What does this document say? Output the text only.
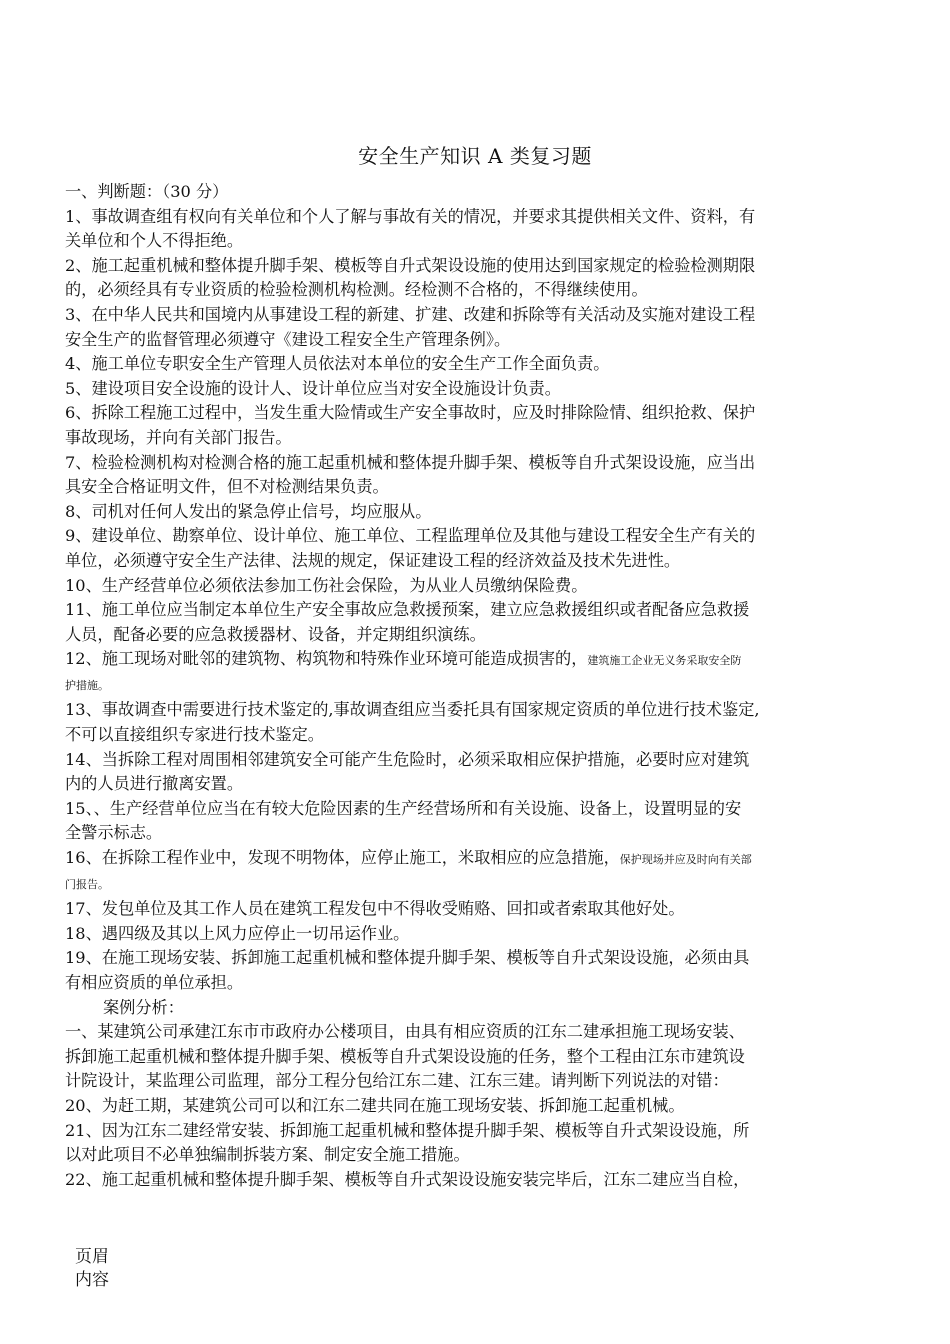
安全生产知识 A 类复习题
一、判断题：（30 分）
1、事故调查组有权向有关单位和个人了解与事故有关的情况，并要求其提供相关文件、资料，有
关单位和个人不得拒绝。
2、施工起重机械和整体提升脚手架、模板等自升式架设设施的使用达到国家规定的检验检测期限
的，必须经具有专业资质的检验检测机构检测。经检测不合格的，不得继续使用。
3、在中华人民共和国境内从事建设工程的新建、扩建、改建和拆除等有关活动及实施对建设工程
安全生产的监督管理必须遵守《建设工程安全生产管理条例》。
4、施工单位专职安全生产管理人员依法对本单位的安全生产工作全面负责。
5、建设项目安全设施的设计人、设计单位应当对安全设施设计负责。
6、拆除工程施工过程中，当发生重大险情或生产安全事故时，应及时排除险情、组织抢救、保护
事故现场，并向有关部门报告。
7、检验检测机构对检测合格的施工起重机械和整体提升脚手架、模板等自升式架设设施，应当出
具安全合格证明文件，但不对检测结果负责。
8、司机对任何人发出的紧急停止信号，均应服从。
9、建设单位、勘察单位、设计单位、施工单位、工程监理单位及其他与建设工程安全生产有关的
单位，必须遵守安全生产法律、法规的规定，保证建设工程的经济效益及技术先进性。
10、生产经营单位必须依法参加工伤社会保险，为从业人员缴纳保险费。
11、施工单位应当制定本单位生产安全事故应急救援预案，建立应急救援组织或者配备应急救援
人员，配备必要的应急救援器材、设备，并定期组织演练。
12、施工现场对毗邻的建筑物、构筑物和特殊作业环境可能造成损害的，建筑施工企业无义务采取安全防
护措施。
13、事故调查中需要进行技术鉴定的,事故调查组应当委托具有国家规定资质的单位进行技术鉴定,
不可以直接组织专家进行技术鉴定。
14、当拆除工程对周围相邻建筑安全可能产生危险时，必须采取相应保护措施，必要时应对建筑
内的人员进行撤离安置。
15、、生产经营单位应当在有较大危险因素的生产经营场所和有关设施、设备上，设置明显的安
全警示标志。
16、在拆除工程作业中，发现不明物体，应停止施工，米取相应的应急措施，保护现场并应及时向有关部
门报告。
17、发包单位及其工作人员在建筑工程发包中不得收受贿赂、回扣或者索取其他好处。
18、遇四级及其以上风力应停止一切吊运作业。
19、在施工现场安装、拆卸施工起重机械和整体提升脚手架、模板等自升式架设设施，必须由具
有相应资质的单位承担。
案例分析：
一、某建筑公司承建江东市市政府办公楼项目，由具有相应资质的江东二建承担施工现场安装、
拆卸施工起重机械和整体提升脚手架、模板等自升式架设设施的任务，整个工程由江东市建筑设
计院设计，某监理公司监理，部分工程分包给江东二建、江东三建。请判断下列说法的对错：
20、为赶工期，某建筑公司可以和江东二建共同在施工现场安装、拆卸施工起重机械。
21、因为江东二建经常安装、拆卸施工起重机械和整体提升脚手架、模板等自升式架设设施，所
以对此项目不必单独编制拆装方案、制定安全施工措施。
22、施工起重机械和整体提升脚手架、模板等自升式架设设施安装完毕后，江东二建应当自检，
页眉
内容
